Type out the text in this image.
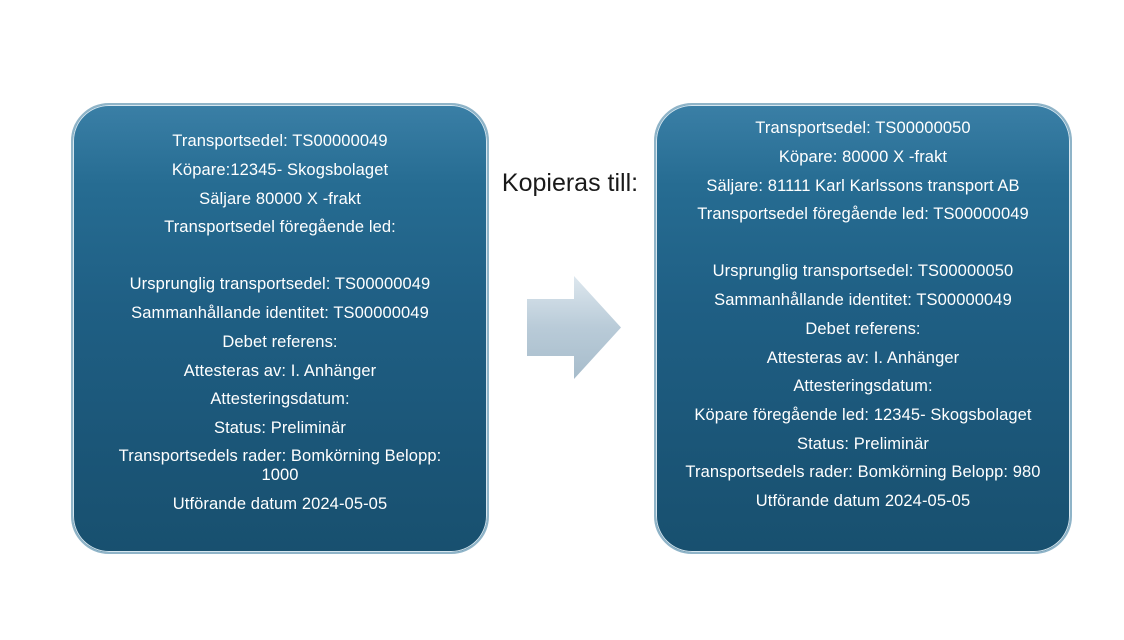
Transportsedel: TS00000049
Köpare:12345- Skogsbolaget
Säljare 80000 X -frakt
Transportsedel föregående led:
Ursprunglig transportsedel: TS00000049
Sammanhållande identitet: TS00000049
Debet referens:
Attesteras av: I. Anhänger
Attesteringsdatum:
Status: Preliminär
Transportsedels rader: Bomkörning Belopp: 1000
Utförande datum 2024-05-05
Kopieras till:
Transportsedel: TS00000050
Köpare: 80000 X -frakt
Säljare: 81111 Karl Karlssons transport AB
Transportsedel föregående led: TS00000049
Ursprunglig transportsedel: TS00000050
Sammanhållande identitet: TS00000049
Debet referens:
Attesteras av: I. Anhänger
Attesteringsdatum:
Köpare föregående led: 12345- Skogsbolaget
Status: Preliminär
Transportsedels rader: Bomkörning Belopp: 980
Utförande datum 2024-05-05
